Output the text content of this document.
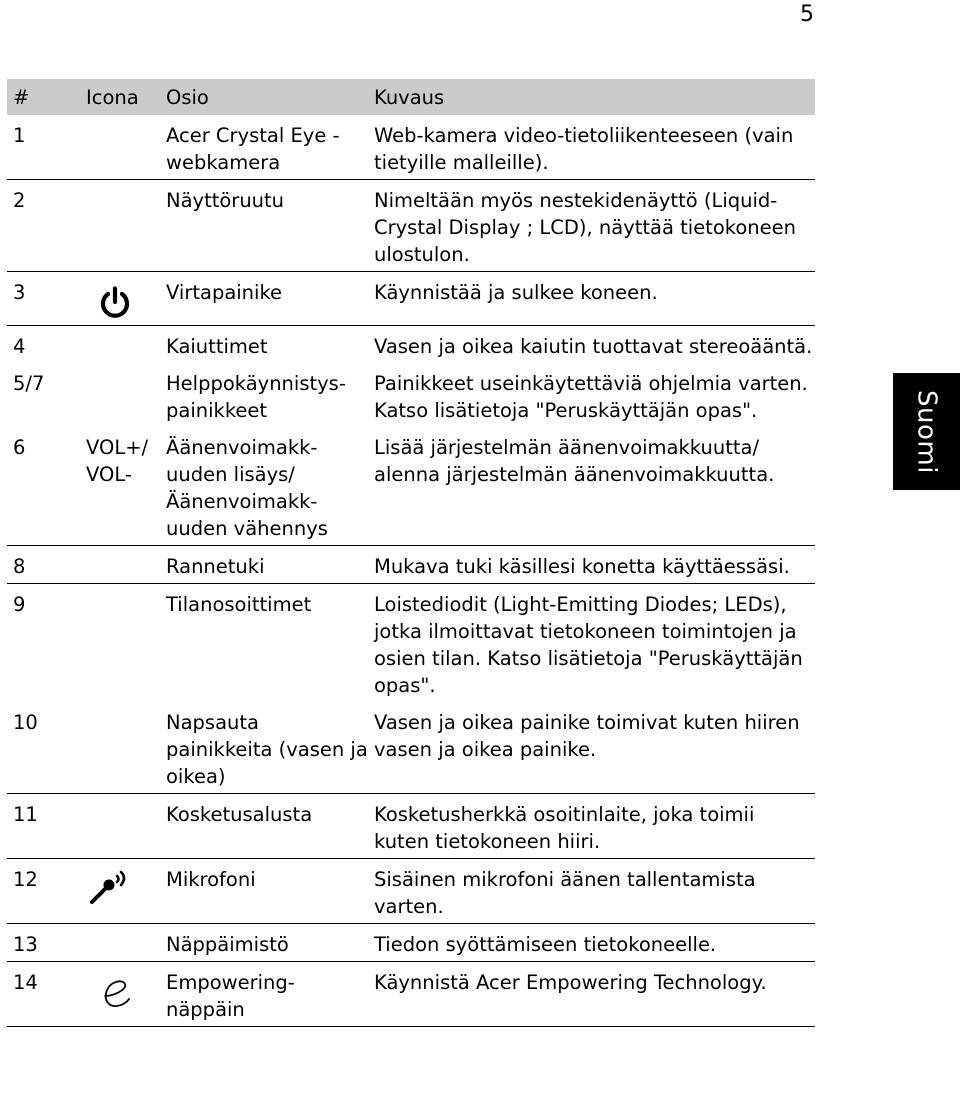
5
Suomi
#	Icona	Osio	Kuvaus
1		Acer Crystal Eye - webkamera	Web-kamera video-tietoliikenteeseen (vain tietyille malleille).
2		Näyttöruutu	Nimeltään myös nestekidenäyttö (Liquid-Crystal Display ; LCD), näyttää tietokoneen ulostulon.
3		Virtapainike	Käynnistää ja sulkee koneen.
4		Kaiuttimet	Vasen ja oikea kaiutin tuottavat stereoääntä.
5/7		Helppokäynnistys-painikkeet	Painikkeet useinkäytettäviä ohjelmia varten. Katso lisätietoja "Peruskäyttäjän opas".
6	VOL+/ VOL-	Äänenvoimakk-uuden lisäys/ Äänenvoimakk-uuden vähennys	Lisää järjestelmän äänenvoimakkuutta/ alenna järjestelmän äänenvoimakkuutta.
8		Rannetuki	Mukava tuki käsillesi konetta käyttäessäsi.
9		Tilanosoittimet	Loistediodit (Light-Emitting Diodes; LEDs), jotka ilmoittavat tietokoneen toimintojen ja osien tilan. Katso lisätietoja "Peruskäyttäjän opas".
10		Napsauta painikkeita (vasen ja oikea)	Vasen ja oikea painike toimivat kuten hiiren vasen ja oikea painike.
11		Kosketusalusta	Kosketusherkkä osoitinlaite, joka toimii kuten tietokoneen hiiri.
12		Mikrofoni	Sisäinen mikrofoni äänen tallentamista varten.
13		Näppäimistö	Tiedon syöttämiseen tietokoneelle.
14		Empowering-näppäin	Käynnistä Acer Empowering Technology.
